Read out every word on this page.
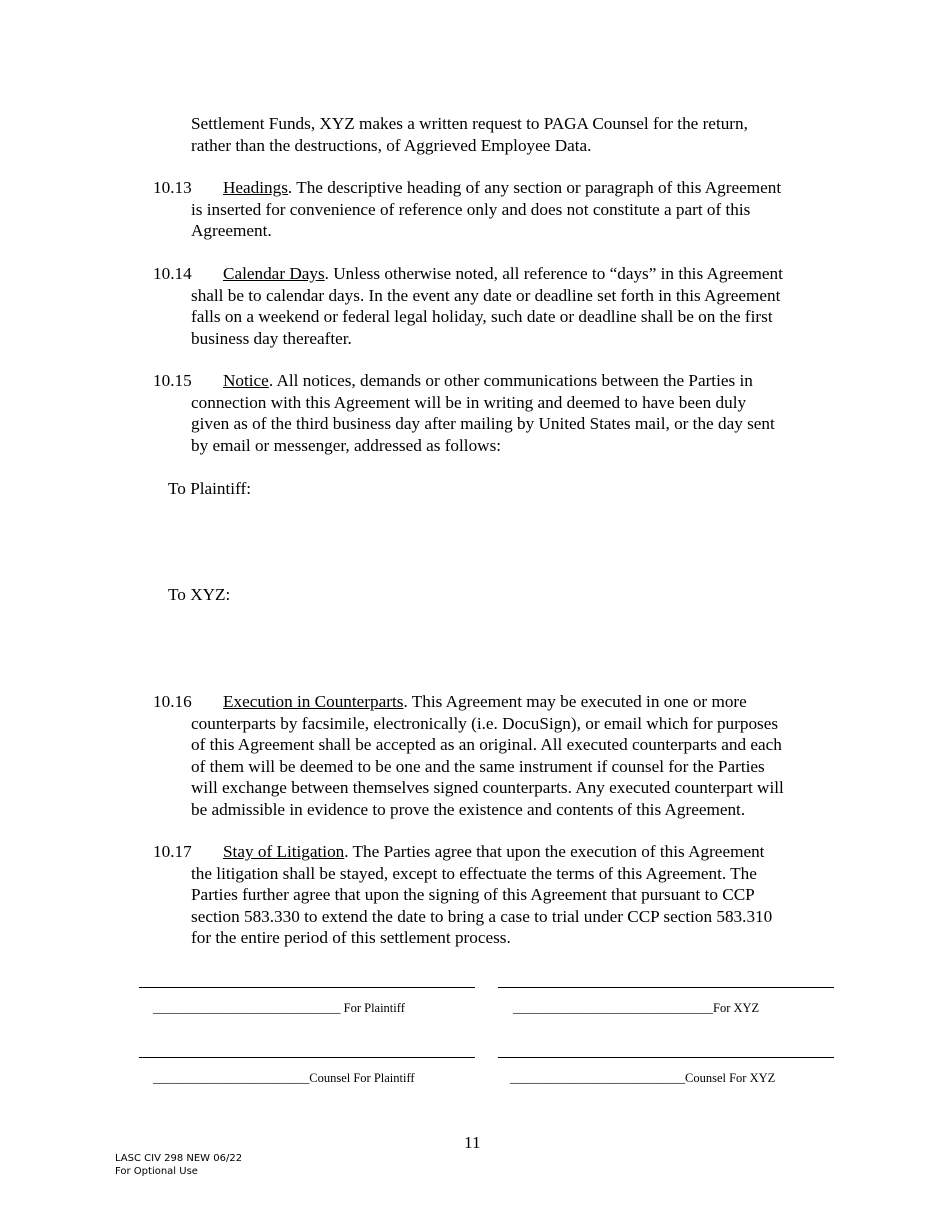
Settlement Funds, XYZ makes a written request to PAGA Counsel for the return,
rather than the destructions, of Aggrieved Employee Data.
10.13 Headings. The descriptive heading of any section or paragraph of this Agreement
is inserted for convenience of reference only and does not constitute a part of this
Agreement.
10.14 Calendar Days. Unless otherwise noted, all reference to “days” in this Agreement
shall be to calendar days. In the event any date or deadline set forth in this Agreement
falls on a weekend or federal legal holiday, such date or deadline shall be on the first
business day thereafter.
10.15 Notice. All notices, demands or other communications between the Parties in
connection with this Agreement will be in writing and deemed to have been duly
given as of the third business day after mailing by United States mail, or the day sent
by email or messenger, addressed as follows:
To Plaintiff:
To XYZ:
10.16 Execution in Counterparts. This Agreement may be executed in one or more
counterparts by facsimile, electronically (i.e. DocuSign), or email which for purposes
of this Agreement shall be accepted as an original. All executed counterparts and each
of them will be deemed to be one and the same instrument if counsel for the Parties
will exchange between themselves signed counterparts. Any executed counterpart will
be admissible in evidence to prove the existence and contents of this Agreement.
10.17 Stay of Litigation. The Parties agree that upon the execution of this Agreement
the litigation shall be stayed, except to effectuate the terms of this Agreement. The
Parties further agree that upon the signing of this Agreement that pursuant to CCP
section 583.330 to extend the date to bring a case to trial under CCP section 583.310
for the entire period of this settlement process.
______________________________ For Plaintiff	________________________________For XYZ
_________________________Counsel For Plaintiff	____________________________Counsel For XYZ
11
LASC CIV 298 NEW 06/22
For Optional Use
